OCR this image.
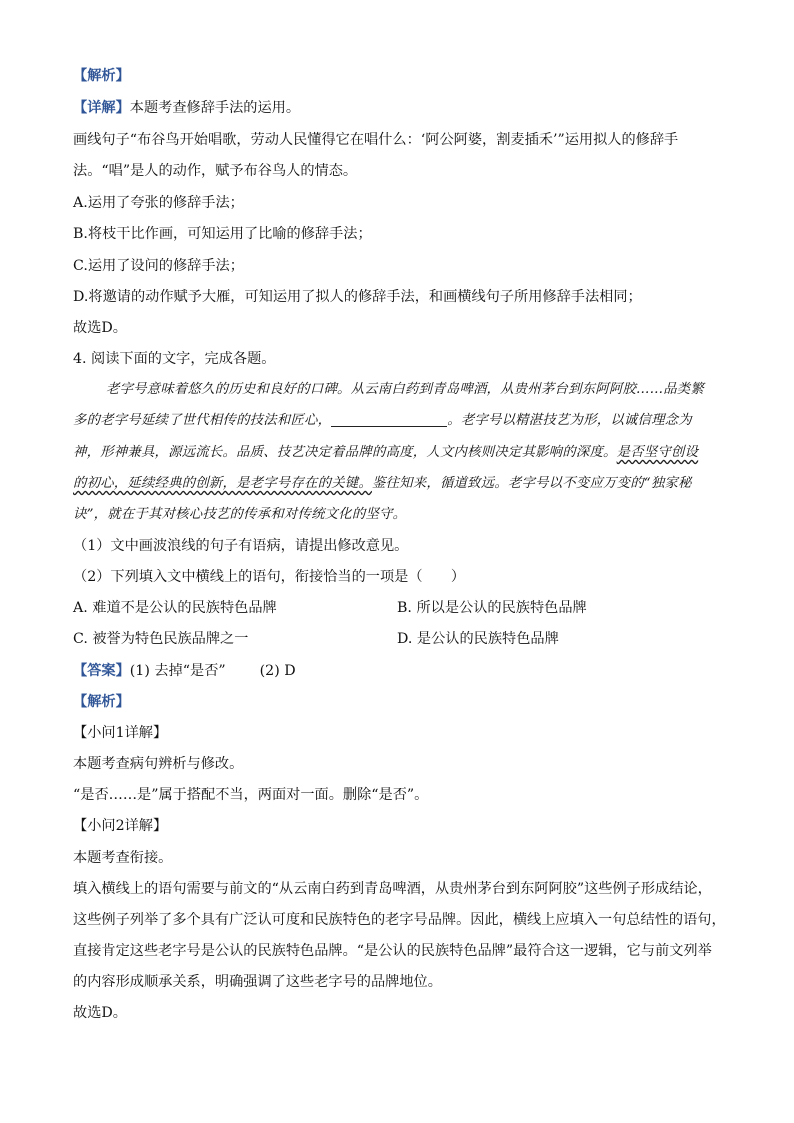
【解析】
【详解】本题考查修辞手法的运用。
画线句子“布谷鸟开始唱歌，劳动人民懂得它在唱什么：‘阿公阿婆，割麦插禾’”运用拟人的修辞手
法。“唱”是人的动作，赋予布谷鸟人的情态。
A.运用了夸张的修辞手法；
B.将枝干比作画，可知运用了比喻的修辞手法；
C.运用了设问的修辞手法；
D.将邀请的动作赋予大雁，可知运用了拟人的修辞手法，和画横线句子所用修辞手法相同；
故选D。
4. 阅读下面的文字，完成各题。
老字号意味着悠久的历史和良好的口碑。从云南白药到青岛啤酒，从贵州茅台到东阿阿胶……品类繁
多的老字号延续了世代相传的技法和匠心，	。老字号以精湛技艺为形，以诚信理念为
神，形神兼具，源远流长。品质、技艺决定着品牌的高度，人文内核则决定其影响的深度。是否坚守创设
的初心，延续经典的创新，是老字号存在的关键。鉴往知来，循道致远。老字号以不变应万变的“独家秘
诀”，就在于其对核心技艺的传承和对传统文化的坚守。
（1）文中画波浪线的句子有语病，请提出修改意见。
（2）下列填入文中横线上的语句，衔接恰当的一项是（　　）
A. 难道不是公认的民族特色品牌	B. 所以是公认的民族特色品牌
C. 被誉为特色民族品牌之一	D. 是公认的民族特色品牌
【答案】(1) 去掉“是否” (2) D
【解析】
【小问1详解】
本题考查病句辨析与修改。
“是否……是”属于搭配不当，两面对一面。删除“是否”。
【小问2详解】
本题考查衔接。
填入横线上的语句需要与前文的“从云南白药到青岛啤酒，从贵州茅台到东阿阿胶”这些例子形成结论，
这些例子列举了多个具有广泛认可度和民族特色的老字号品牌。因此，横线上应填入一句总结性的语句，
直接肯定这些老字号是公认的民族特色品牌。“是公认的民族特色品牌”最符合这一逻辑，它与前文列举
的内容形成顺承关系，明确强调了这些老字号的品牌地位。
故选D。
